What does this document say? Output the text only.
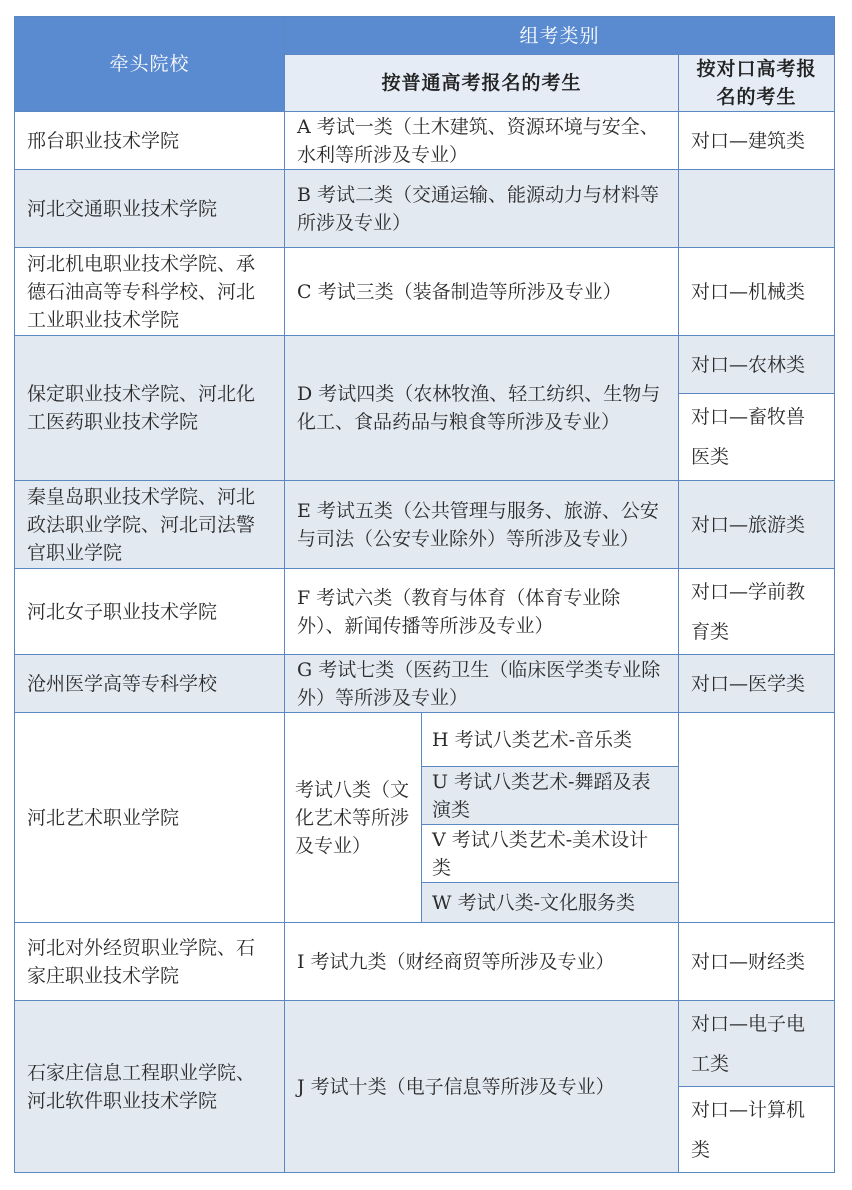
牵头院校	组考类别		
	按普通高考报名的考生		按对口高考报名的考生
邢台职业技术学院	A 考试一类（土木建筑、资源环境与安全、水利等所涉及专业）		对口—建筑类
河北交通职业技术学院	B 考试二类（交通运输、能源动力与材料等所涉及专业）		
河北机电职业技术学院、承德石油高等专科学校、河北工业职业技术学院	C 考试三类（装备制造等所涉及专业）		对口—机械类
保定职业技术学院、河北化工医药职业技术学院	D 考试四类（农林牧渔、轻工纺织、生物与化工、食品药品与粮食等所涉及专业）		对口—农林类
			对口—畜牧兽医类
秦皇岛职业技术学院、河北政法职业学院、河北司法警官职业学院	E 考试五类（公共管理与服务、旅游、公安与司法（公安专业除外）等所涉及专业）		对口—旅游类
河北女子职业技术学院	F 考试六类（教育与体育（体育专业除外）、新闻传播等所涉及专业）		对口—学前教育类
沧州医学高等专科学校	G 考试七类（医药卫生（临床医学类专业除外）等所涉及专业）		对口—医学类
河北艺术职业学院	考试八类（文化艺术等所涉及专业）	H 考试八类艺术-音乐类	
		U 考试八类艺术-舞蹈及表演类	
		V 考试八类艺术-美术设计类	
		W 考试八类-文化服务类	
河北对外经贸职业学院、石家庄职业技术学院	I 考试九类（财经商贸等所涉及专业）		对口—财经类
石家庄信息工程职业学院、河北软件职业技术学院	J 考试十类（电子信息等所涉及专业）		对口—电子电工类
			对口—计算机类
